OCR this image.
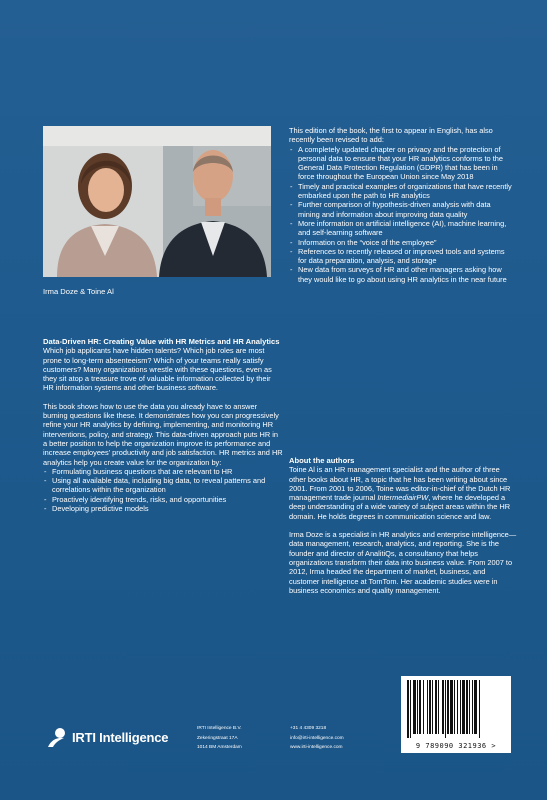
Irma Doze & Toine Al

Data-Driven HR: Creating Value with HR Metrics and HR Analytics

Which job applicants have hidden talents? Which job roles are most prone to long-term absenteeism? Which of your teams really satisfy customers? Many organizations wrestle with these questions, even as they sit atop a treasure trove of valuable information collected by their HR information systems and other business software.

This book shows how to use the data you already have to answer burning questions like these. It demonstrates how you can progressively refine your HR analytics by defining, implementing, and monitoring HR interventions, policy, and strategy. This data-driven approach puts HR in a better position to help the organization improve its performance and increase employees’ productivity and job satisfaction. HR metrics and HR analytics help you create value for the organization by:

- Formulating business questions that are relevant to HR
- Using all available data, including big data, to reveal patterns and correlations within the organization
- Proactively identifying trends, risks, and opportunities
- Developing predictive models

This edition of the book, the first to appear in English, has also recently been revised to add:

- A completely updated chapter on privacy and the protection of personal data to ensure that your HR analytics conforms to the General Data Protection Regulation (GDPR) that has been in force throughout the European Union since May 2018
- Timely and practical examples of organizations that have recently embarked upon the path to HR analytics
- Further comparison of hypothesis-driven analysis with data mining and information about improving data quality
- More information on artificial intelligence (AI), machine learning, and self-learning software
- Information on the “voice of the employee”
- References to recently released or improved tools and systems for data preparation, analysis, and storage
- New data from surveys of HR and other managers asking how they would like to go about using HR analytics in the near future

About the authors

Toine Al is an HR management specialist and the author of three other books about HR, a topic that he has been writing about since 2001. From 2001 to 2006, Toine was editor-in-chief of the Dutch HR management trade journal IntermediairPW, where he developed a deep understanding of a wide variety of subject areas within the HR domain. He holds degrees in communication science and law.

Irma Doze is a specialist in HR analytics and enterprise intelligence—data management, research, analytics, and reporting. She is the founder and director of AnalitiQs, a consultancy that helps organizations transform their data into business value. From 2007 to 2012, Irma headed the department of market, business, and customer intelligence at TomTom. Her academic studies were in business economics and quality management.

IRTI Intelligence
IRTI Intelligence B.V.
Zekeringstraat 17A
1014 BM Amsterdam
+31 4 4309 3218
info@irti-intelligence.com
www.irti-intelligence.com	9 789090 321936 >
